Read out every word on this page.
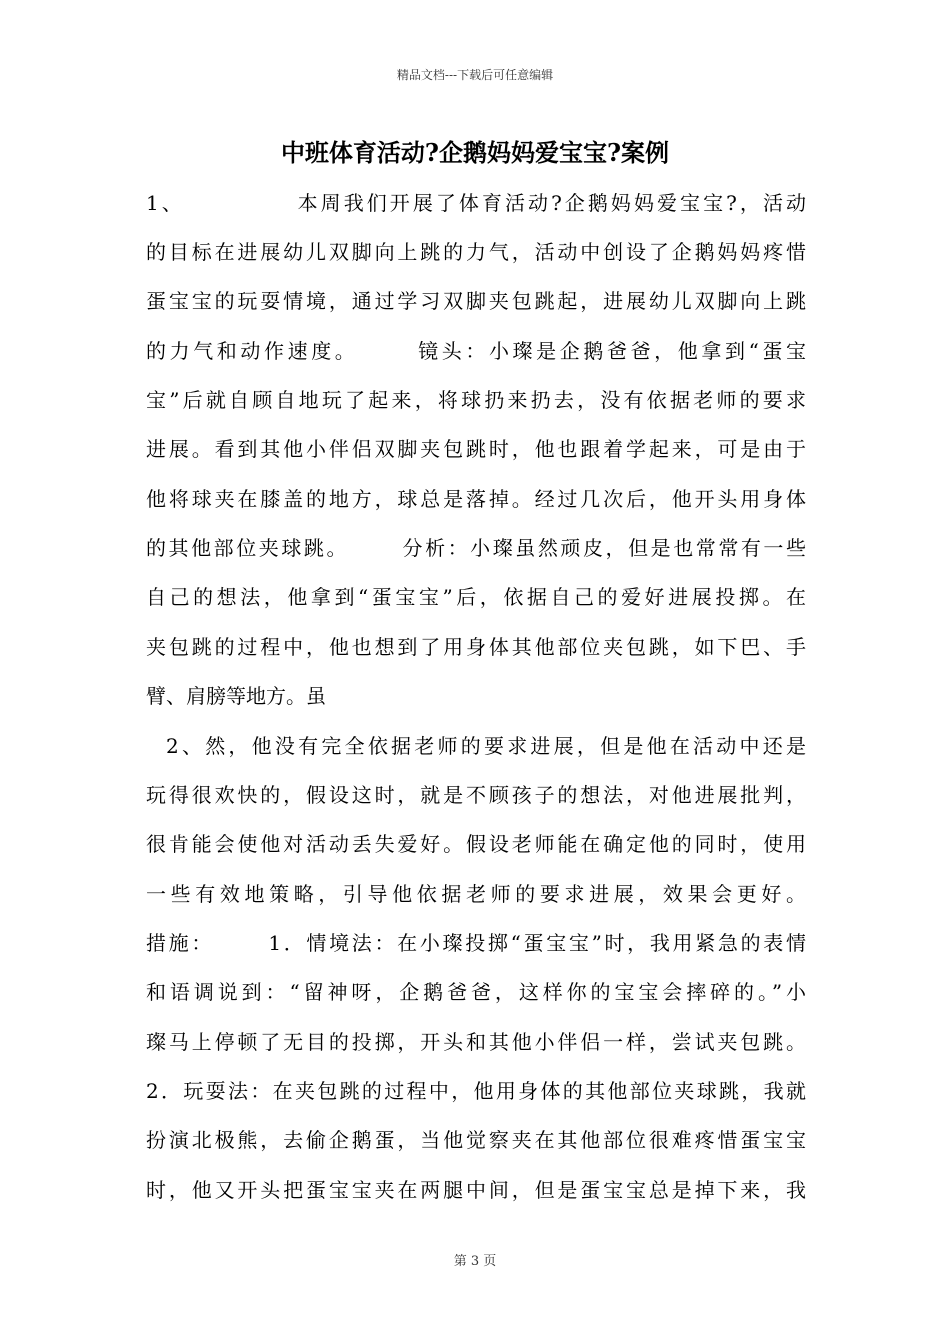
精品文档---下载后可任意编辑
中班体育活动?企鹅妈妈爱宝宝?案例
1、            本周我们开展了体育活动?企鹅妈妈爱宝宝?，活动
的目标在进展幼儿双脚向上跳的力气，活动中创设了企鹅妈妈疼惜
蛋宝宝的玩耍情境，通过学习双脚夹包跳起，进展幼儿双脚向上跳
的力气和动作速度。      镜头：小璨是企鹅爸爸，他拿到“蛋宝
宝”后就自顾自地玩了起来，将球扔来扔去，没有依据老师的要求
进展。看到其他小伴侣双脚夹包跳时，他也跟着学起来，可是由于
他将球夹在膝盖的地方，球总是落掉。经过几次后，他开头用身体
的其他部位夹球跳。      分析：小璨虽然顽皮，但是也常常有一些
自己的想法，他拿到“蛋宝宝”后，依据自己的爱好进展投掷。在
夹包跳的过程中，他也想到了用身体其他部位夹包跳，如下巴、手
臂、肩膀等地方。虽
2、然，他没有完全依据老师的要求进展，但是他在活动中还是
玩得很欢快的，假设这时，就是不顾孩子的想法，对他进展批判，
很肯能会使他对活动丢失爱好。假设老师能在确定他的同时，使用
一些有效地策略，引导他依据老师的要求进展，效果会更好。
措施：      1．情境法：在小璨投掷“蛋宝宝”时，我用紧急的表情
和语调说到：“留神呀，企鹅爸爸，这样你的宝宝会摔碎的。”小
璨马上停顿了无目的投掷，开头和其他小伴侣一样，尝试夹包跳。
2．玩耍法：在夹包跳的过程中，他用身体的其他部位夹球跳，我就
扮演北极熊，去偷企鹅蛋，当他觉察夹在其他部位很难疼惜蛋宝宝
时，他又开头把蛋宝宝夹在两腿中间，但是蛋宝宝总是掉下来，我
第 3 页
